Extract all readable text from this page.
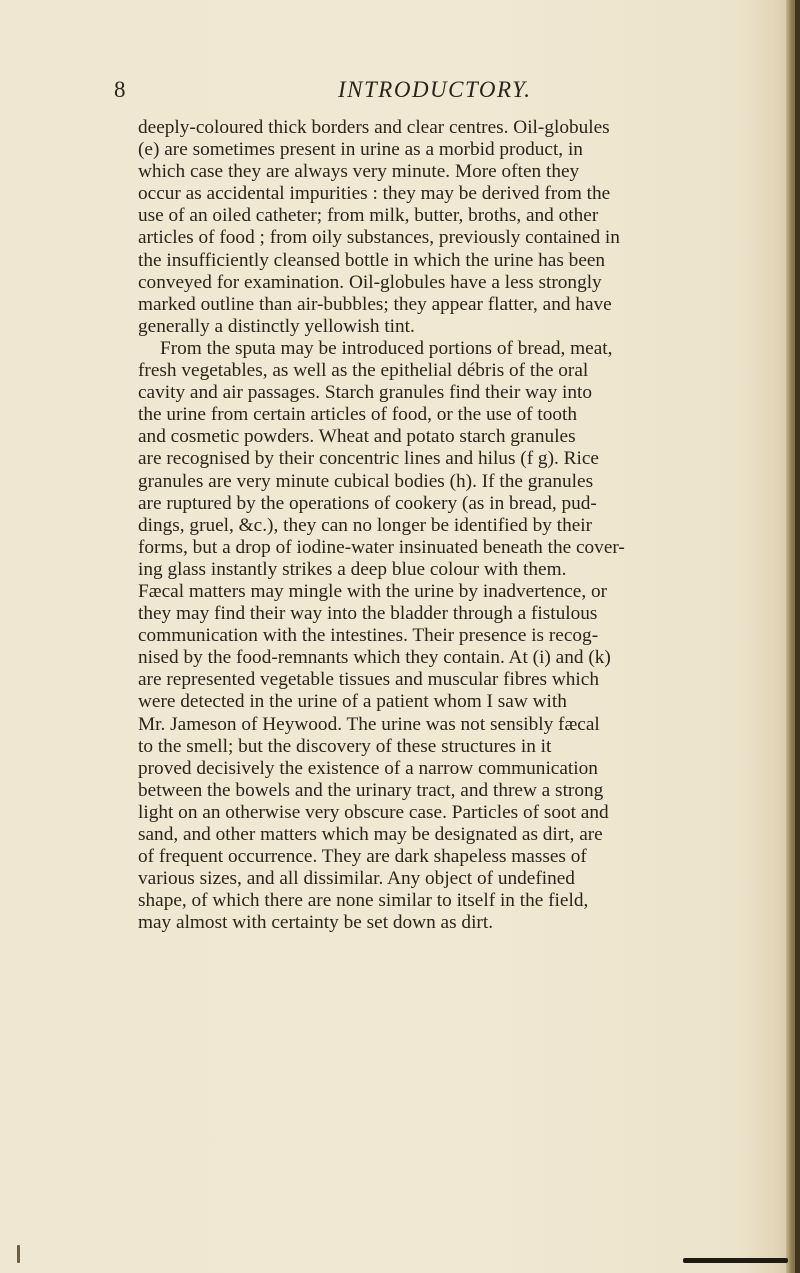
8	INTRODUCTORY.
deeply-coloured thick borders and clear centres. Oil-globules
(e) are sometimes present in urine as a morbid product, in
which case they are always very minute. More often they
occur as accidental impurities : they may be derived from the
use of an oiled catheter; from milk, butter, broths, and other
articles of food ; from oily substances, previously contained in
the insufficiently cleansed bottle in which the urine has been
conveyed for examination. Oil-globules have a less strongly
marked outline than air-bubbles; they appear flatter, and have
generally a distinctly yellowish tint.
From the sputa may be introduced portions of bread, meat,
fresh vegetables, as well as the epithelial débris of the oral
cavity and air passages. Starch granules find their way into
the urine from certain articles of food, or the use of tooth
and cosmetic powders. Wheat and potato starch granules
are recognised by their concentric lines and hilus (f g). Rice
granules are very minute cubical bodies (h). If the granules
are ruptured by the operations of cookery (as in bread, pud-
dings, gruel, &c.), they can no longer be identified by their
forms, but a drop of iodine-water insinuated beneath the cover-
ing glass instantly strikes a deep blue colour with them.
Fæcal matters may mingle with the urine by inadvertence, or
they may find their way into the bladder through a fistulous
communication with the intestines. Their presence is recog-
nised by the food-remnants which they contain. At (i) and (k)
are represented vegetable tissues and muscular fibres which
were detected in the urine of a patient whom I saw with
Mr. Jameson of Heywood. The urine was not sensibly fæcal
to the smell; but the discovery of these structures in it
proved decisively the existence of a narrow communication
between the bowels and the urinary tract, and threw a strong
light on an otherwise very obscure case. Particles of soot and
sand, and other matters which may be designated as dirt, are
of frequent occurrence. They are dark shapeless masses of
various sizes, and all dissimilar. Any object of undefined
shape, of which there are none similar to itself in the field,
may almost with certainty be set down as dirt.
